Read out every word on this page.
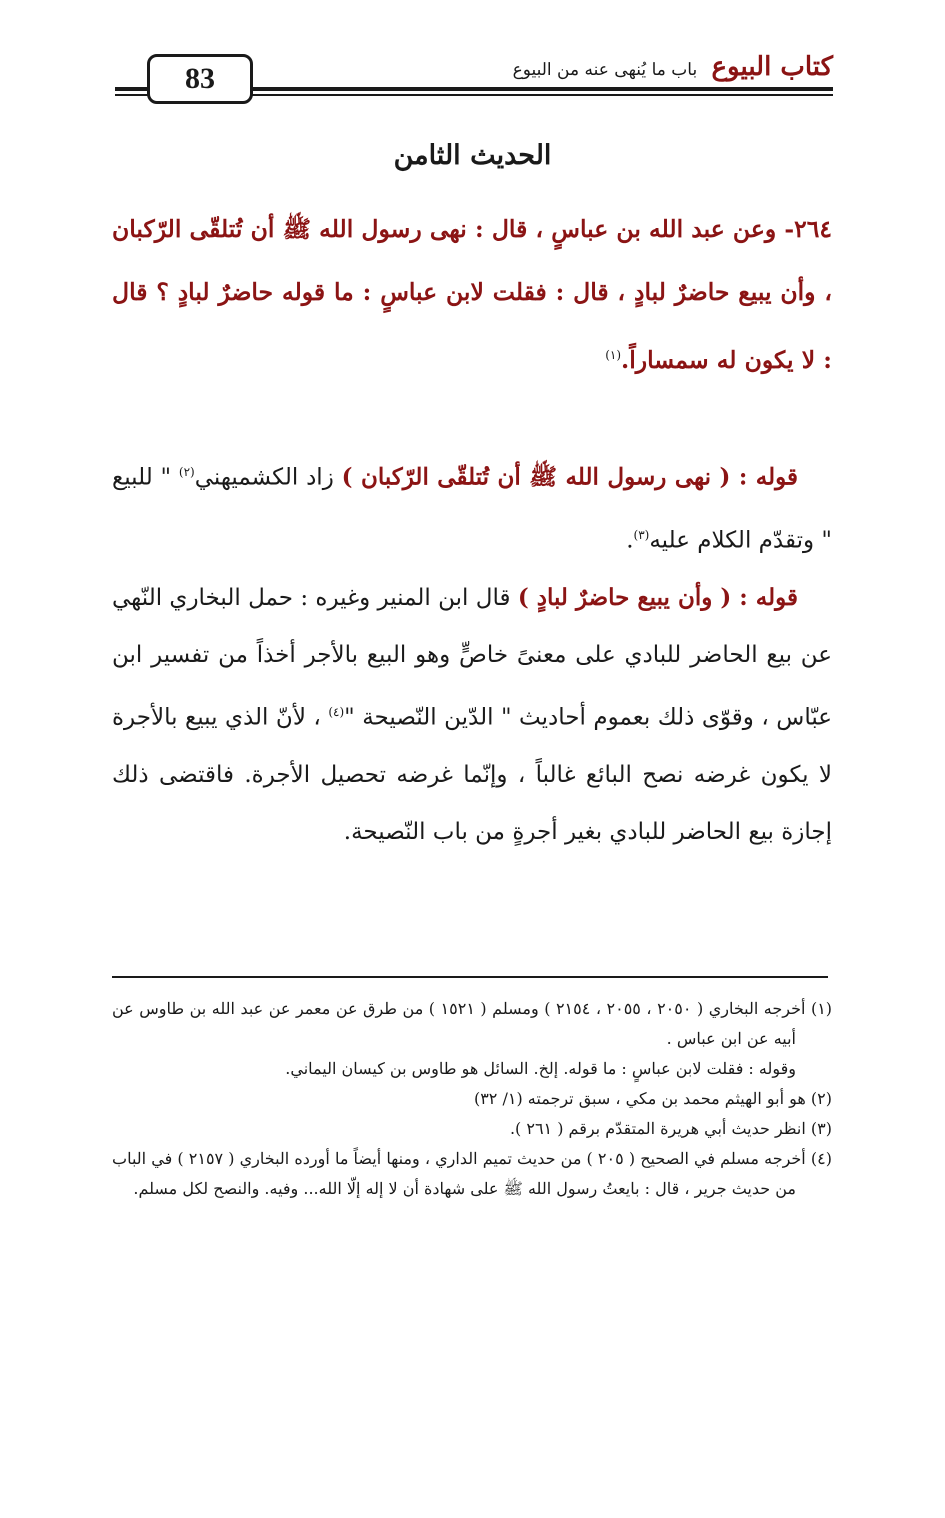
83	كتاب البيوع باب ما يُنهى عنه من البيوع
الحديث الثامن
٢٦٤- وعن عبد الله بن عباسٍ ، قال : نهى رسول الله ﷺ أن تُتلقّى الرّكبان ، وأن يبيع حاضرٌ لبادٍ ، قال : فقلت لابن عباسٍ : ما قوله حاضرٌ لبادٍ ؟ قال : لا يكون له سمساراً.$^{(١)}$

قوله : ( نهى رسول الله ﷺ أن تُتلقّى الرّكبان ) زاد الكشميهني$^{(٢)}$ " للبيع " وتقدّم الكلام عليه$^{(٣)}$.

قوله : ( وأن يبيع حاضرٌ لبادٍ ) قال ابن المنير وغيره : حمل البخاري النّهي عن بيع الحاضر للبادي على معنىً خاصٍّ وهو البيع بالأجر أخذاً من تفسير ابن عبّاس ، وقوّى ذلك بعموم أحاديث " الدّين النّصيحة "$^{(٤)}$ ، لأنّ الذي يبيع بالأجرة لا يكون غرضه نصح البائع غالباً ، وإنّما غرضه تحصيل الأجرة. فاقتضى ذلك إجازة بيع الحاضر للبادي بغير أجرةٍ من باب النّصيحة.

(١) أخرجه البخاري ( ٢٠٥٠ ، ٢٠٥٥ ، ٢١٥٤ ) ومسلم ( ١٥٢١ ) من طرق عن معمر عن عبد الله بن طاوس عن أبيه عن ابن عباس .

وقوله : فقلت لابن عباسٍ : ما قوله. إلخ. السائل هو طاوس بن كيسان اليماني.

(٢) هو أبو الهيثم محمد بن مكي ، سبق ترجمته (١/ ٣٢)

(٣) انظر حديث أبي هريرة المتقدّم برقم ( ٢٦١ ).

(٤) أخرجه مسلم في الصحيح ( ٢٠٥ ) من حديث تميم الداري ، ومنها أيضاً ما أورده البخاري ( ٢١٥٧ ) في الباب من حديث جرير ، قال : بايعتُ رسول الله ﷺ على شهادة أن لا إله إلّا الله... وفيه. والنصح لكل مسلم.
